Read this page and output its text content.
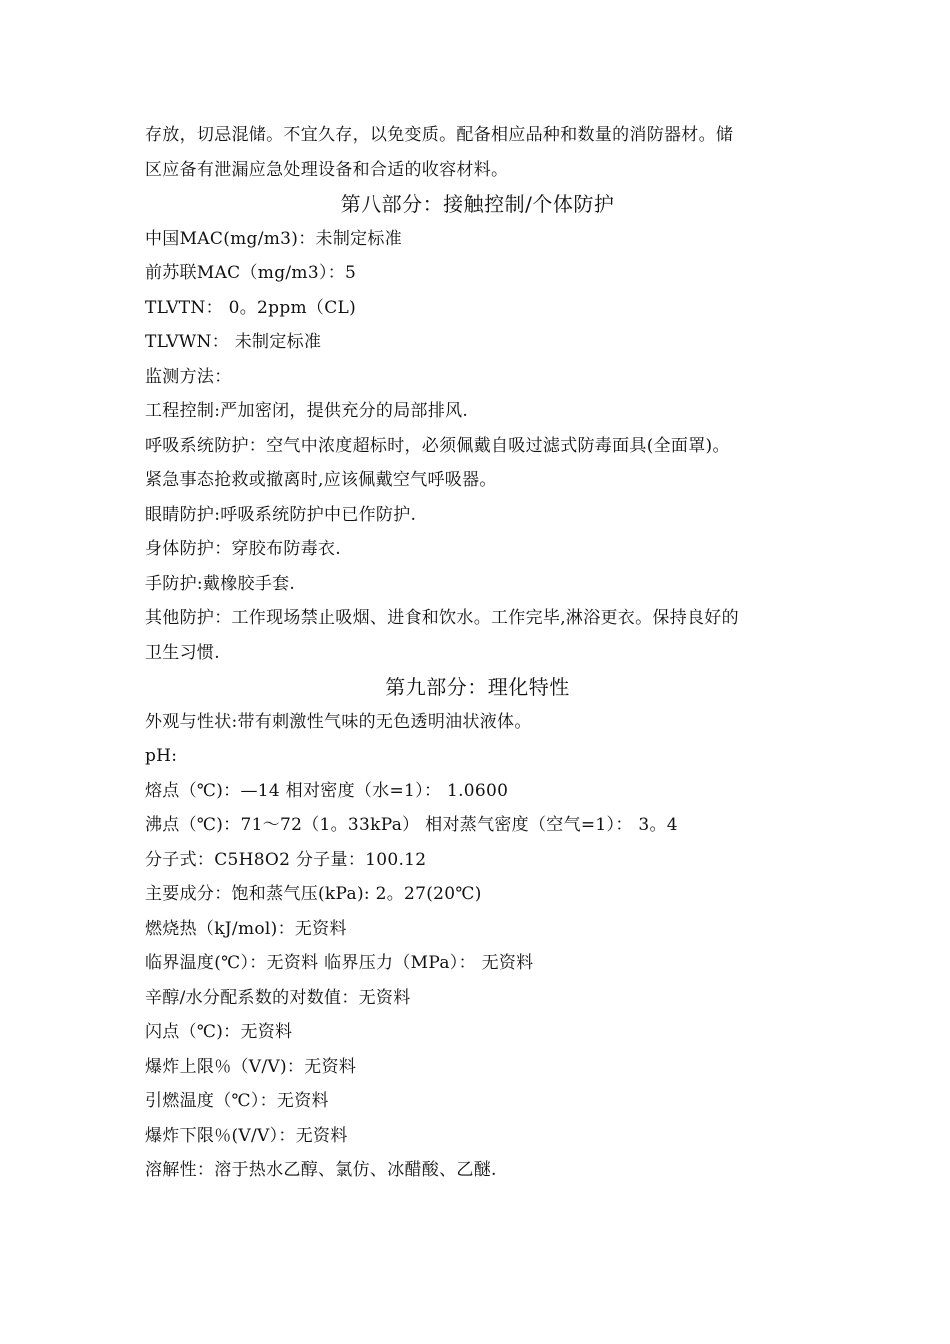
存放，切忌混储。不宜久存，以免变质。配备相应品种和数量的消防器材。储
区应备有泄漏应急处理设备和合适的收容材料。
第八部分：接触控制/个体防护
中国MAC(mg/m3)：未制定标准
前苏联MAC（mg/m3）：5
TLVTN： 0。2ppm（CL)
TLVWN： 未制定标准
监测方法：
工程控制:严加密闭，提供充分的局部排风.
呼吸系统防护：空气中浓度超标时，必须佩戴自吸过滤式防毒面具(全面罩)。
紧急事态抢救或撤离时,应该佩戴空气呼吸器。
眼睛防护:呼吸系统防护中已作防护.
身体防护：穿胶布防毒衣.
手防护:戴橡胶手套.
其他防护：工作现场禁止吸烟、进食和饮水。工作完毕,淋浴更衣。保持良好的
卫生习惯.
第九部分：理化特性
外观与性状:带有刺激性气味的无色透明油状液体。
pH:
熔点（℃)：—14 相对密度（水=1）： 1.0600
沸点（℃)：71～72（1。33kPa） 相对蒸气密度（空气=1）： 3。4
分子式：C5H8O2 分子量：100.12
主要成分：饱和蒸气压(kPa): 2。27(20℃)
燃烧热（kJ/mol)：无资料
临界温度(℃）：无资料 临界压力（MPa）： 无资料
辛醇/水分配系数的对数值：无资料
闪点（℃)：无资料
爆炸上限％（V/V)：无资料
引燃温度（℃）：无资料
爆炸下限％(V/V）：无资料
溶解性：溶于热水乙醇、氯仿、冰醋酸、乙醚.
